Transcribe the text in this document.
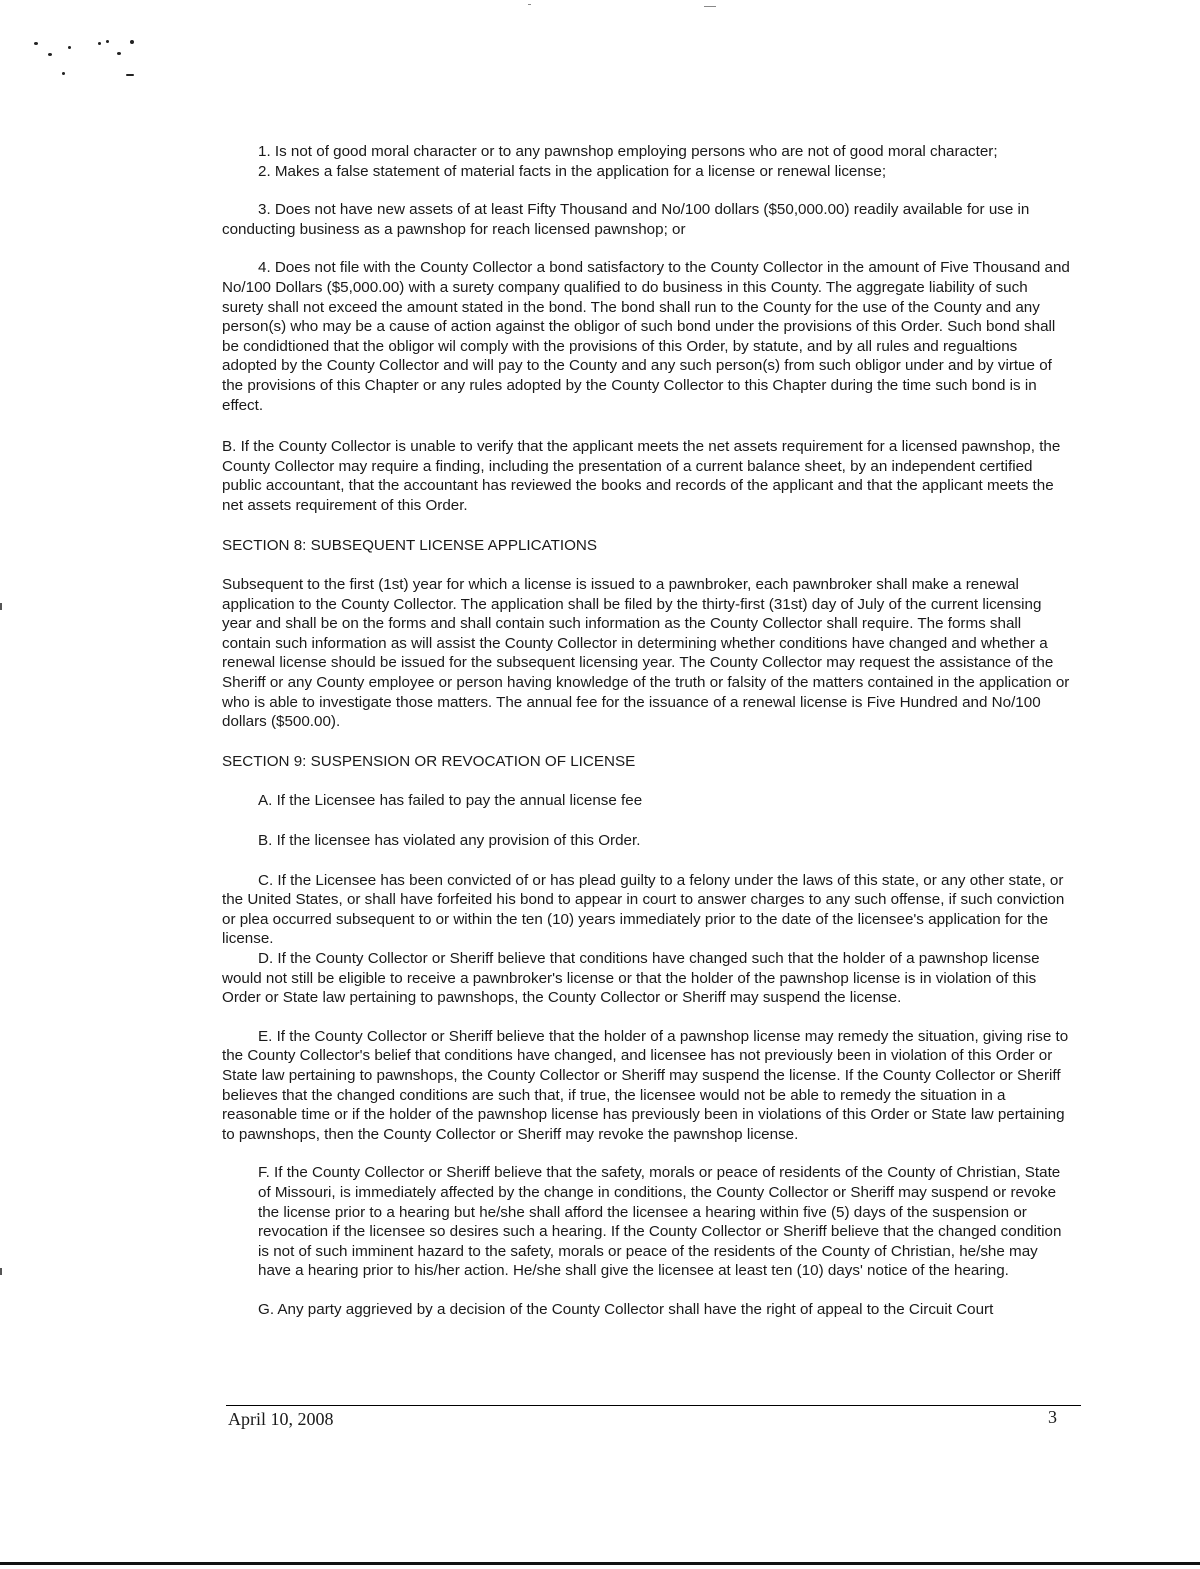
1. Is not of good moral character or to any pawnshop employing persons who are not of good moral character;

2. Makes a false statement of material facts in the application for a license or renewal license;

3. Does not have new assets of at least Fifty Thousand and No/100 dollars ($50,000.00) readily available for use in conducting business as a pawnshop for reach licensed pawnshop; or

4. Does not file with the County Collector a bond satisfactory to the County Collector in the amount of Five Thousand and No/100 Dollars ($5,000.00) with a surety company qualified to do business in this County. The aggregate liability of such surety shall not exceed the amount stated in the bond. The bond shall run to the County for the use of the County and any person(s) who may be a cause of action against the obligor of such bond under the provisions of this Order. Such bond shall be condidtioned that the obligor wil comply with the provisions of this Order, by statute, and by all rules and regualtions adopted by the County Collector and will pay to the County and any such person(s) from such obligor under and by virtue of the provisions of this Chapter or any rules adopted by the County Collector to this Chapter during the time such bond is in effect.

B. If the County Collector is unable to verify that the applicant meets the net assets requirement for a licensed pawnshop, the County Collector may require a finding, including the presentation of a current balance sheet, by an independent certified public accountant, that the accountant has reviewed the books and records of the applicant and that the applicant meets the net assets requirement of this Order.

SECTION 8: SUBSEQUENT LICENSE APPLICATIONS

Subsequent to the first (1st) year for which a license is issued to a pawnbroker, each pawnbroker shall make a renewal application to the County Collector. The application shall be filed by the thirty-first (31st) day of July of the current licensing year and shall be on the forms and shall contain such information as the County Collector shall require. The forms shall contain such information as will assist the County Collector in determining whether conditions have changed and whether a renewal license should be issued for the subsequent licensing year. The County Collector may request the assistance of the Sheriff or any County employee or person having knowledge of the truth or falsity of the matters contained in the application or who is able to investigate those matters. The annual fee for the issuance of a renewal license is Five Hundred and No/100 dollars ($500.00).

SECTION 9: SUSPENSION OR REVOCATION OF LICENSE

A. If the Licensee has failed to pay the annual license fee

B. If the licensee has violated any provision of this Order.

C. If the Licensee has been convicted of or has plead guilty to a felony under the laws of this state, or any other state, or the United States, or shall have forfeited his bond to appear in court to answer charges to any such offense, if such conviction or plea occurred subsequent to or within the ten (10) years immediately prior to the date of the licensee's application for the license.

D. If the County Collector or Sheriff believe that conditions have changed such that the holder of a pawnshop license would not still be eligible to receive a pawnbroker's license or that the holder of the pawnshop license is in violation of this Order or State law pertaining to pawnshops, the County Collector or Sheriff may suspend the license.

E. If the County Collector or Sheriff believe that the holder of a pawnshop license may remedy the situation, giving rise to the County Collector's belief that conditions have changed, and licensee has not previously been in violation of this Order or State law pertaining to pawnshops, the County Collector or Sheriff may suspend the license. If the County Collector or Sheriff believes that the changed conditions are such that, if true, the licensee would not be able to remedy the situation in a reasonable time or if the holder of the pawnshop license has previously been in violations of this Order or State law pertaining to pawnshops, then the County Collector or Sheriff may revoke the pawnshop license.

F. If the County Collector or Sheriff believe that the safety, morals or peace of residents of the County of Christian, State of Missouri, is immediately affected by the change in conditions, the County Collector or Sheriff may suspend or revoke the license prior to a hearing but he/she shall afford the licensee a hearing within five (5) days of the suspension or revocation if the licensee so desires such a hearing. If the County Collector or Sheriff believe that the changed condition is not of such imminent hazard to the safety, morals or peace of the residents of the County of Christian, he/she may have a hearing prior to his/her action. He/she shall give the licensee at least ten (10) days' notice of the hearing.

G. Any party aggrieved by a decision of the County Collector shall have the right of appeal to the Circuit Court

April 10, 2008	3
